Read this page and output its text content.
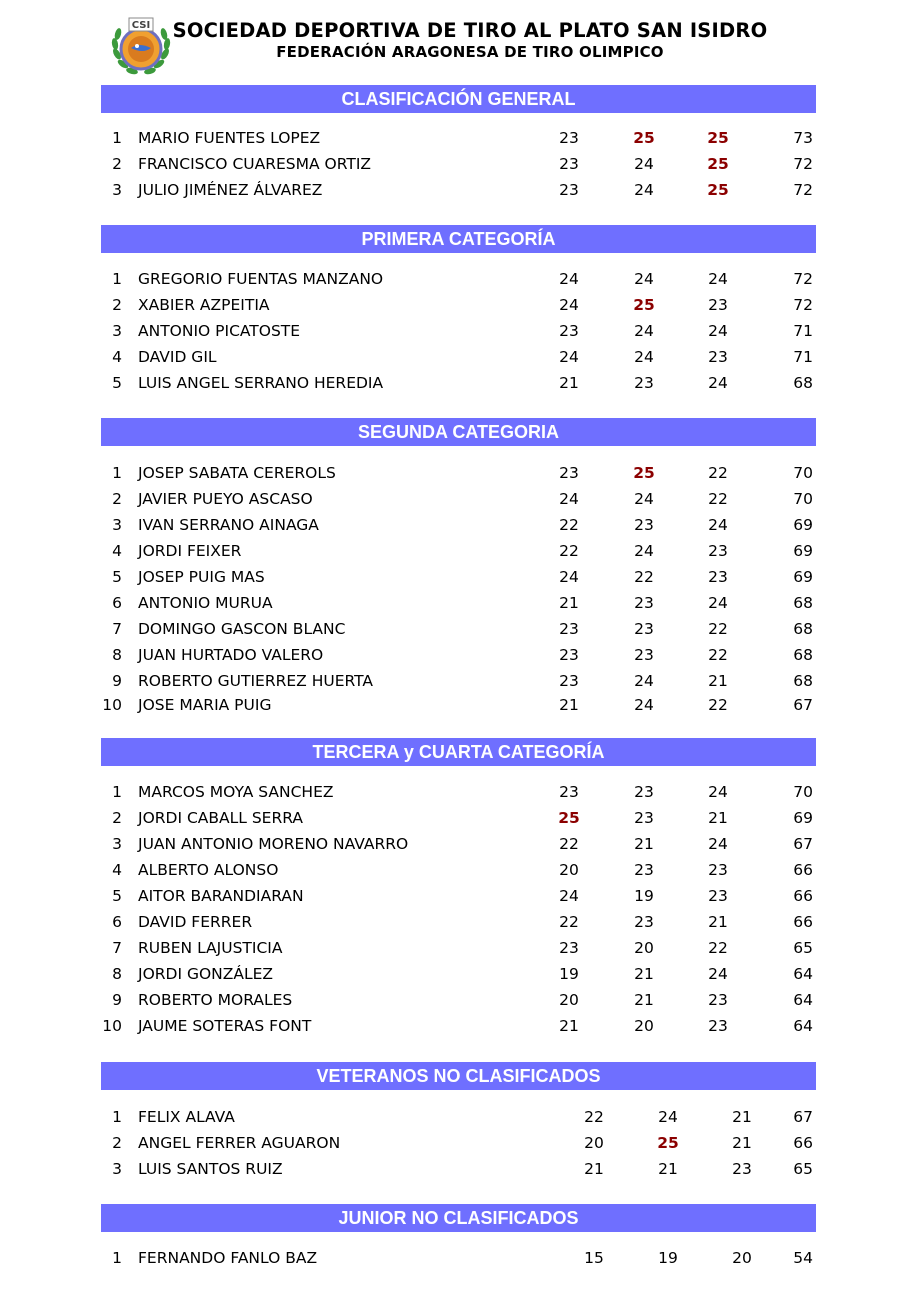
CSI SOCIEDAD DEPORTIVA DE TIRO AL PLATO SAN ISIDRO
FEDERACIÓN ARAGONESA DE TIRO OLIMPICO
CLASIFICACIÓN GENERAL
1 MARIO FUENTES LOPEZ	23	25	25	73
2 FRANCISCO CUARESMA ORTIZ	23	24	25	72
3 JULIO JIMÉNEZ ÁLVAREZ	23	24	25	72
PRIMERA CATEGORÍA
1 GREGORIO FUENTAS MANZANO	24	24	24	72
2 XABIER AZPEITIA	24	25	23	72
3 ANTONIO PICATOSTE	23	24	24	71
4 DAVID GIL	24	24	23	71
5 LUIS ANGEL SERRANO HEREDIA	21	23	24	68
SEGUNDA CATEGORIA
1 JOSEP SABATA CEREROLS	23	25	22	70
2 JAVIER PUEYO ASCASO	24	24	22	70
3 IVAN SERRANO AINAGA	22	23	24	69
4 JORDI FEIXER	22	24	23	69
5 JOSEP PUIG MAS	24	22	23	69
6 ANTONIO MURUA	21	23	24	68
7 DOMINGO GASCON BLANC	23	23	22	68
8 JUAN HURTADO VALERO	23	23	22	68
9 ROBERTO GUTIERREZ HUERTA	23	24	21	68
10 JOSE MARIA PUIG	21	24	22	67
TERCERA y CUARTA CATEGORÍA
1 MARCOS MOYA SANCHEZ	23	23	24	70
2 JORDI CABALL SERRA	25	23	21	69
3 JUAN ANTONIO MORENO NAVARRO	22	21	24	67
4 ALBERTO ALONSO	20	23	23	66
5 AITOR BARANDIARAN	24	19	23	66
6 DAVID FERRER	22	23	21	66
7 RUBEN LAJUSTICIA	23	20	22	65
8 JORDI GONZÁLEZ	19	21	24	64
9 ROBERTO MORALES	20	21	23	64
10 JAUME SOTERAS FONT	21	20	23	64
VETERANOS NO CLASIFICADOS
1 FELIX ALAVA	22	24	21	67
2 ANGEL FERRER AGUARON	20	25	21	66
3 LUIS SANTOS RUIZ	21	21	23	65
JUNIOR NO CLASIFICADOS
1 FERNANDO FANLO BAZ	15	19	20	54
